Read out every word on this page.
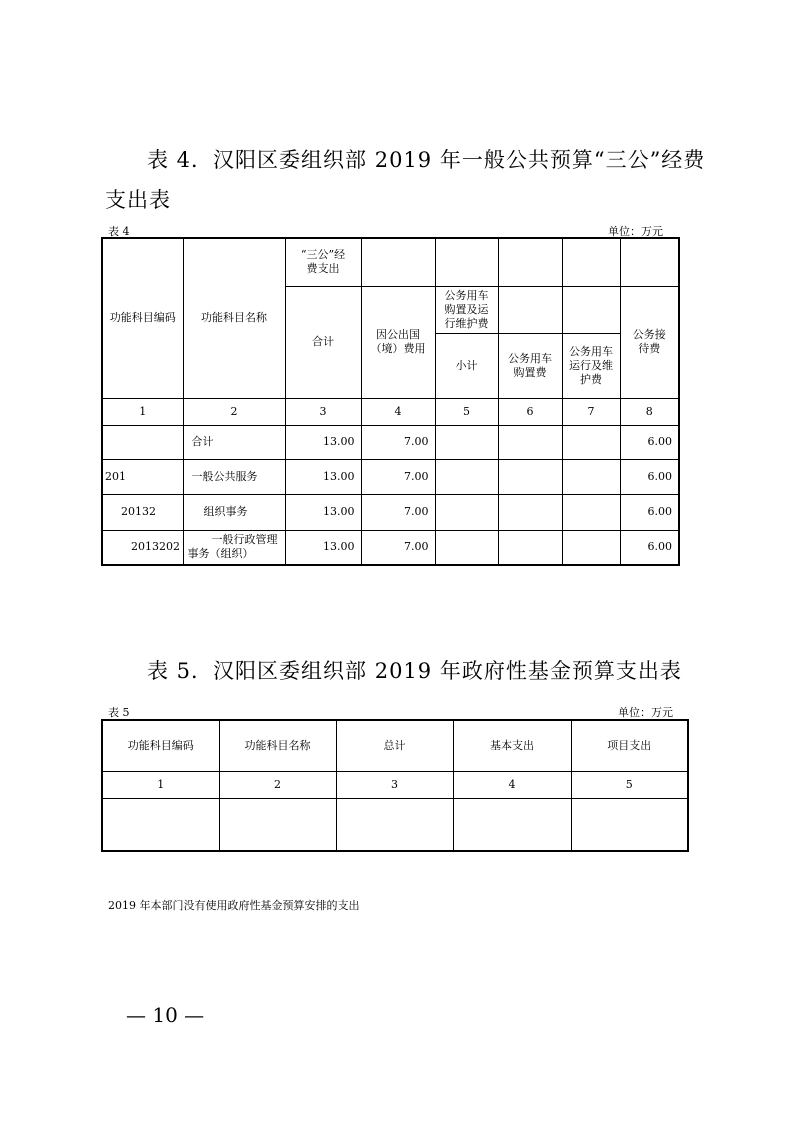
表 4．汉阳区委组织部 2019 年一般公共预算“三公”经费
支出表
表 4	单位：万元
功能科目编码	功能科目名称	“三公”经费支出					
		合计	因公出国（境）费用	公务用车购置及运行维护费			公务接待费
				小计	公务用车购置费	公务用车运行及维护费	
1	2	3	4	5	6	7	8
	合计	13.00	7.00				6.00
201	一般公共服务	13.00	7.00				6.00
20132	组织事务	13.00	7.00				6.00
2013202	一般行政管理事务（组织）	13.00	7.00				6.00
表 5．汉阳区委组织部 2019 年政府性基金预算支出表
表 5	单位：万元
功能科目编码	功能科目名称	总计	基本支出	项目支出
1	2	3	4	5

2019 年本部门没有使用政府性基金预算安排的支出
— 10 —
